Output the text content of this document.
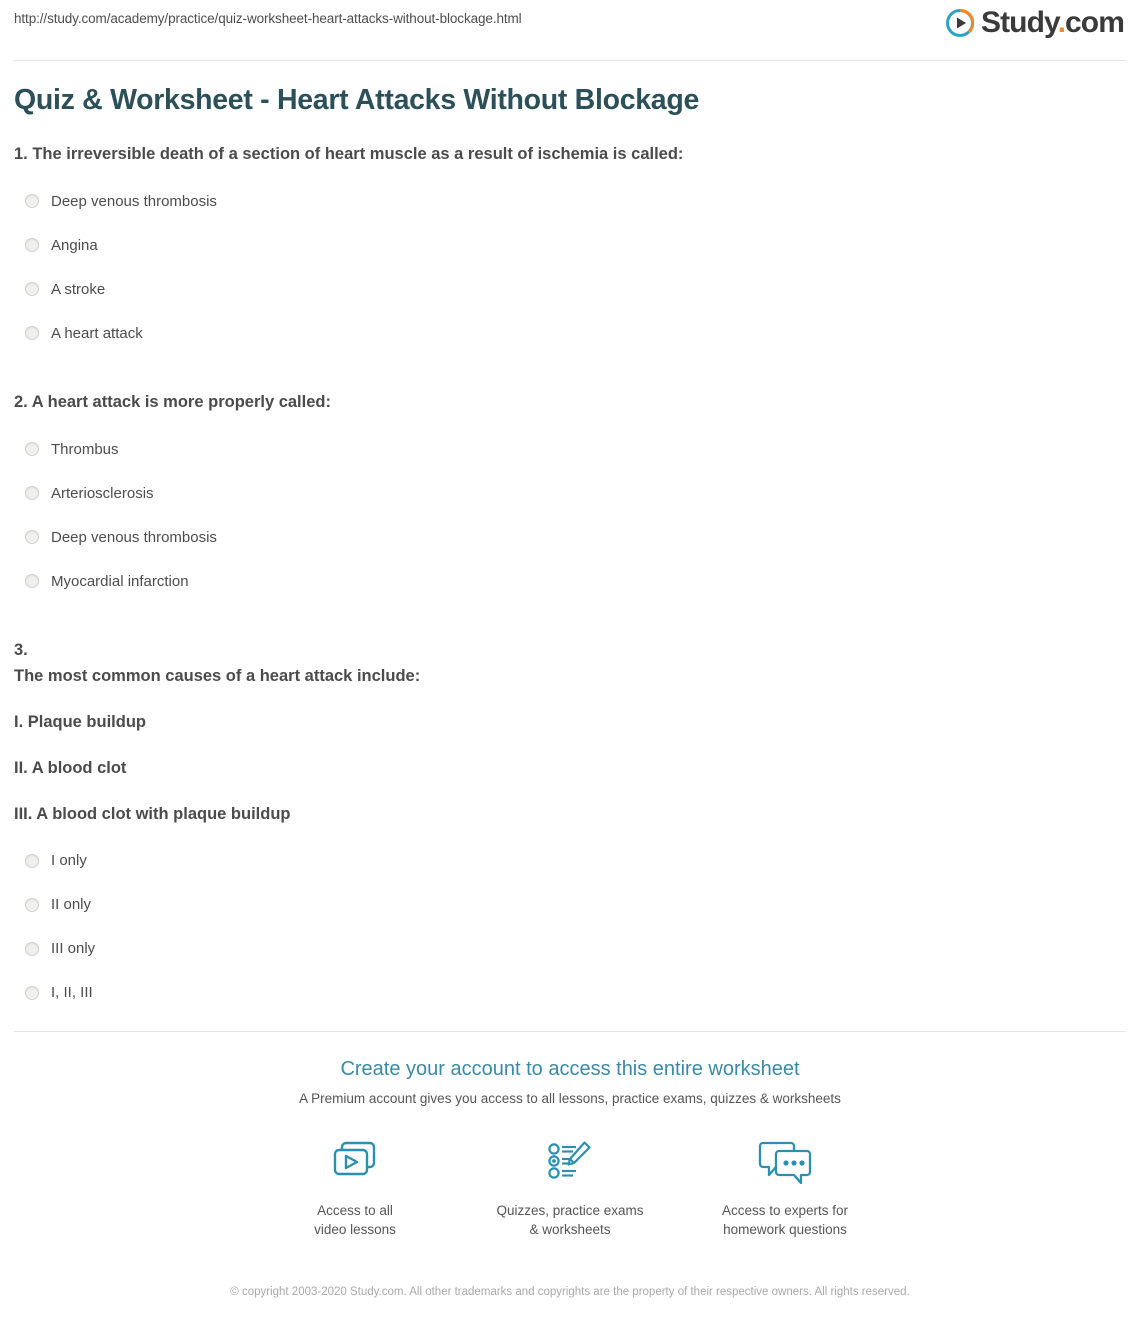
http://study.com/academy/practice/quiz-worksheet-heart-attacks-without-blockage.html	Study.com
Quiz & Worksheet - Heart Attacks Without Blockage
1. The irreversible death of a section of heart muscle as a result of ischemia is called:
Deep venous thrombosis
Angina
A stroke
A heart attack
2. A heart attack is more properly called:
Thrombus
Arteriosclerosis
Deep venous thrombosis
Myocardial infarction
3.
The most common causes of a heart attack include:
I. Plaque buildup
II. A blood clot
III. A blood clot with plaque buildup
I only
II only
III only
I, II, III
Create your account to access this entire worksheet
A Premium account gives you access to all lessons, practice exams, quizzes & worksheets
Access to all
video lessons
Quizzes, practice exams
& worksheets
Access to experts for
homework questions
© copyright 2003-2020 Study.com. All other trademarks and copyrights are the property of their respective owners. All rights reserved.
